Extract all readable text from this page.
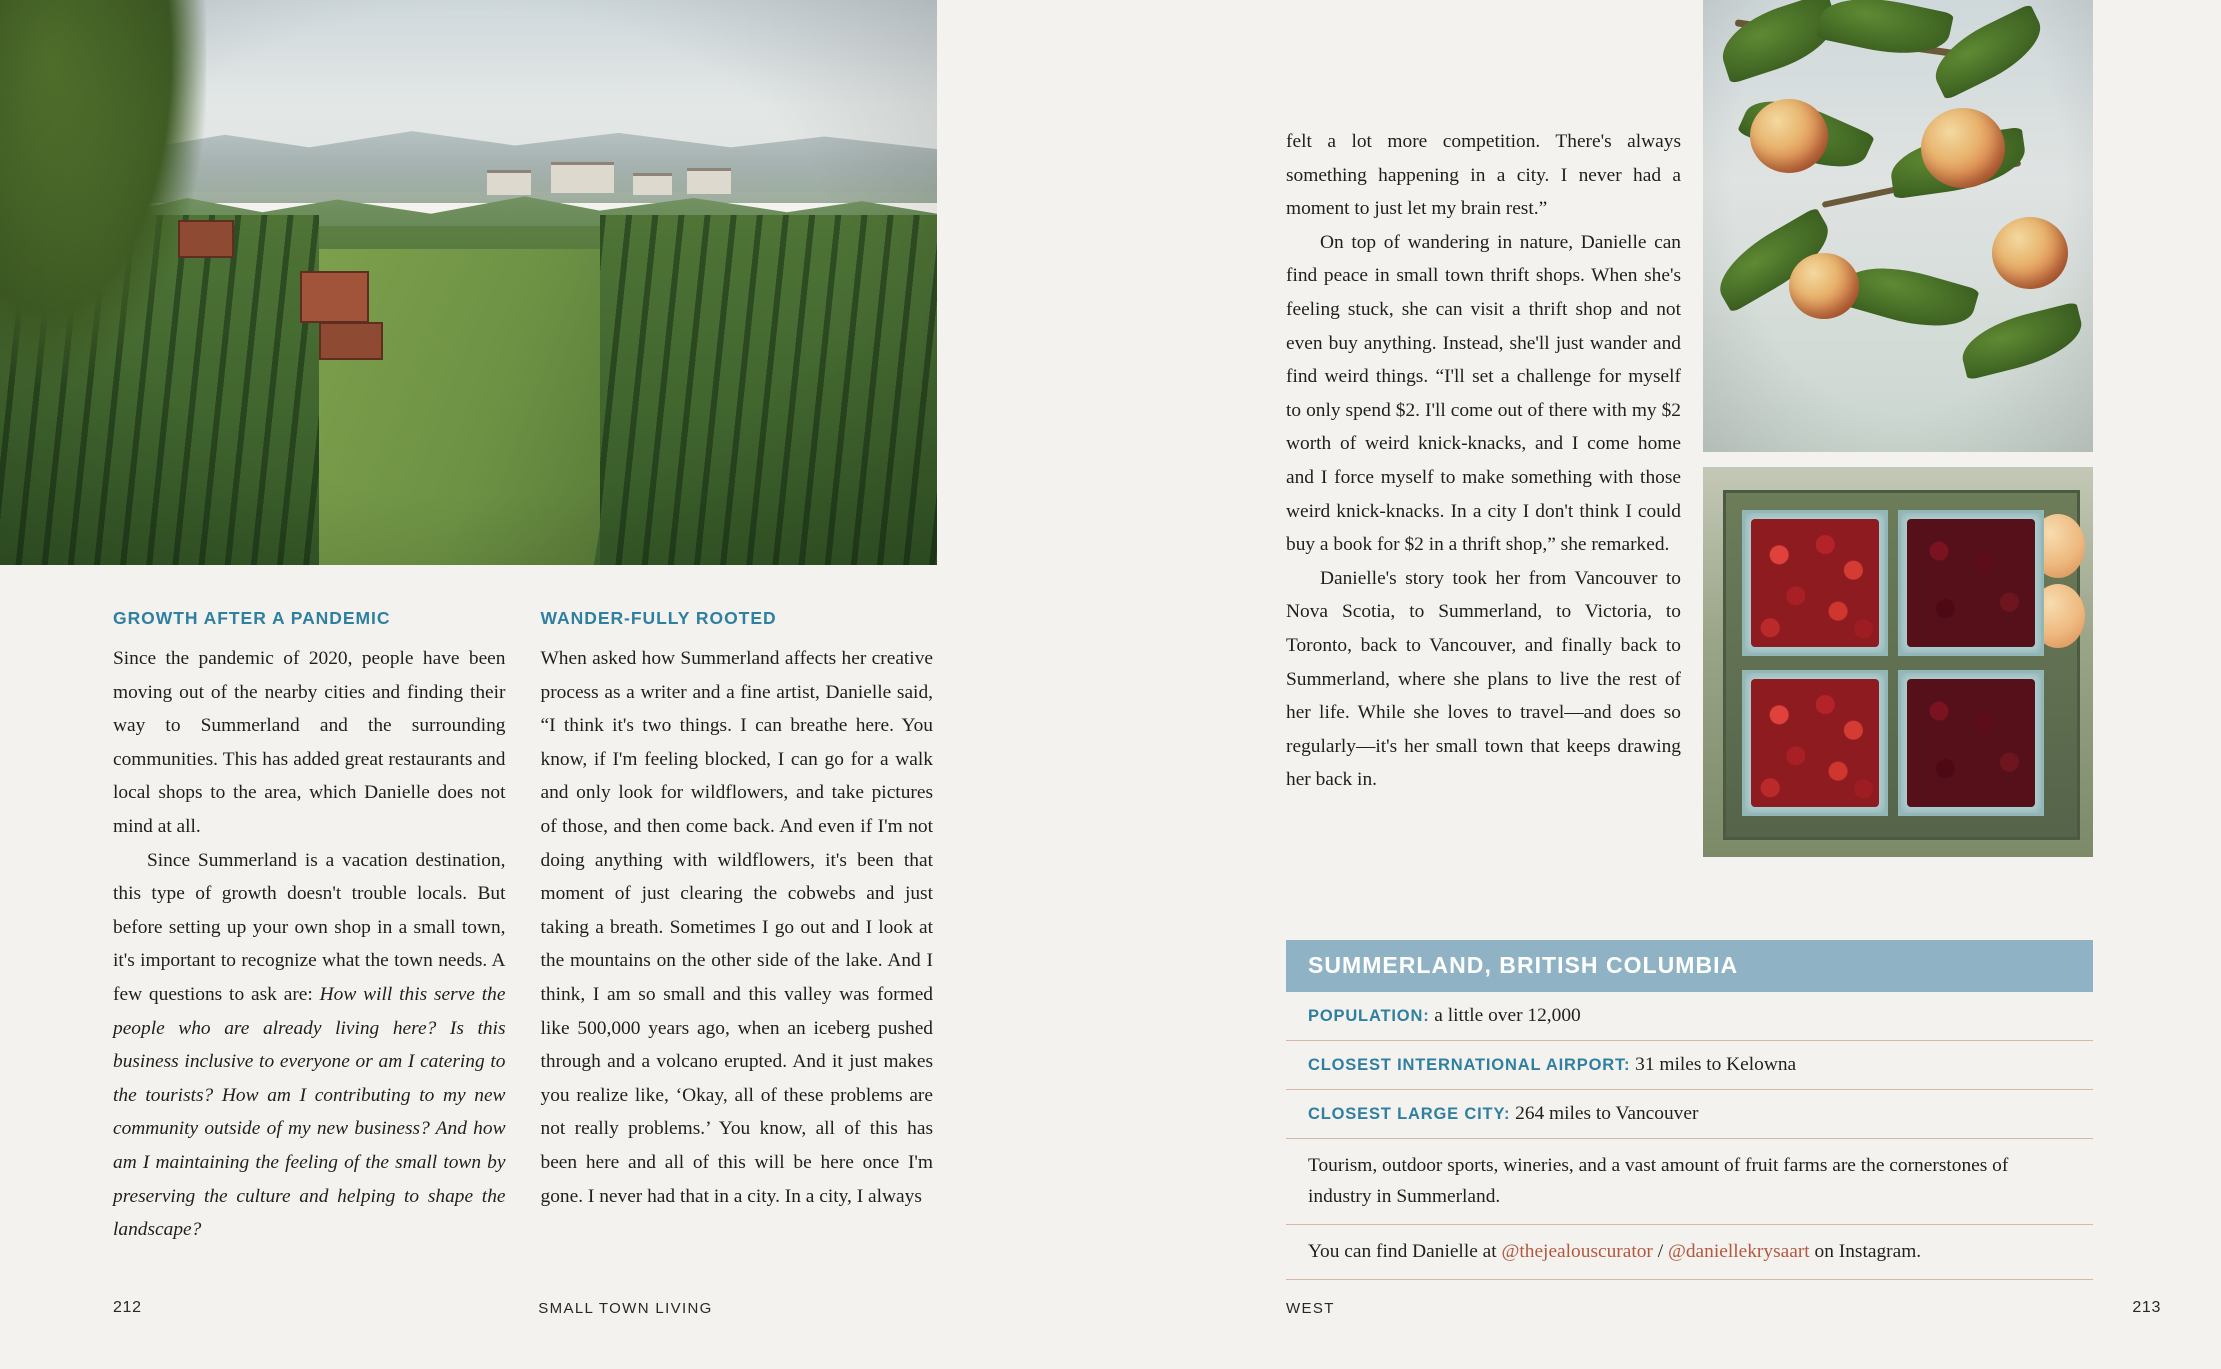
GROWTH AFTER A PANDEMIC

Since the pandemic of 2020, people have been moving out of the nearby cities and finding their way to Summerland and the surrounding communities. This has added great restaurants and local shops to the area, which Danielle does not mind at all.

Since Summerland is a vacation destination, this type of growth doesn't trouble locals. But before setting up your own shop in a small town, it's important to recognize what the town needs. A few questions to ask are: How will this serve the people who are already living here? Is this business inclusive to everyone or am I catering to the tourists? How am I contributing to my new community outside of my new business? And how am I maintaining the feeling of the small town by preserving the culture and helping to shape the landscape?

WANDER-FULLY ROOTED

When asked how Summerland affects her creative process as a writer and a fine artist, Danielle said, “I think it's two things. I can breathe here. You know, if I'm feeling blocked, I can go for a walk and only look for wildflowers, and take pictures of those, and then come back. And even if I'm not doing anything with wildflowers, it's been that moment of just clearing the cobwebs and just taking a breath. Sometimes I go out and I look at the mountains on the other side of the lake. And I think, I am so small and this valley was formed like 500,000 years ago, when an iceberg pushed through and a volcano erupted. And it just makes you realize like, ‘Okay, all of these problems are not really problems.’ You know, all of this has been here and all of this will be here once I'm gone. I never had that in a city. In a city, I always

212	SMALL TOWN LIVING

felt a lot more competition. There's always something happening in a city. I never had a moment to just let my brain rest.”

On top of wandering in nature, Danielle can find peace in small town thrift shops. When she's feeling stuck, she can visit a thrift shop and not even buy anything. Instead, she'll just wander and find weird things. “I'll set a challenge for myself to only spend $2. I'll come out of there with my $2 worth of weird knick-knacks, and I come home and I force myself to make something with those weird knick-knacks. In a city I don't think I could buy a book for $2 in a thrift shop,” she remarked.

Danielle's story took her from Vancouver to Nova Scotia, to Summerland, to Victoria, to Toronto, back to Vancouver, and finally back to Summerland, where she plans to live the rest of her life. While she loves to travel—and does so regularly—it's her small town that keeps drawing her back in.

SUMMERLAND, BRITISH COLUMBIA
POPULATION: a little over 12,000
CLOSEST INTERNATIONAL AIRPORT: 31 miles to Kelowna
CLOSEST LARGE CITY: 264 miles to Vancouver
Tourism, outdoor sports, wineries, and a vast amount of fruit farms are the cornerstones of industry in Summerland.
You can find Danielle at @thejealouscurator / @daniellekrysaart on Instagram.
WEST	213
